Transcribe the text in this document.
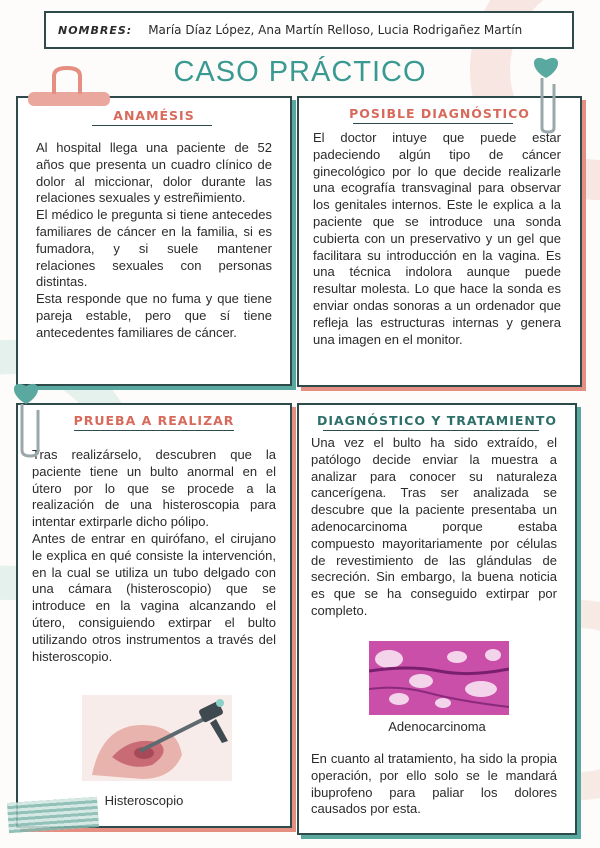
NOMBRES: María Díaz López, Ana Martín Relloso, Lucia Rodrigañez Martín
CASO PRÁCTICO
ANAMÉSIS

Al hospital llega una paciente de 52 años que presenta un cuadro clínico de dolor al miccionar, dolor durante las relaciones sexuales y estreñimiento.

El médico le pregunta si tiene antecedes familiares de cáncer en la familia, si es fumadora, y si suele mantener relaciones sexuales con personas distintas.

Esta responde que no fuma y que tiene pareja estable, pero que sí tiene antecedentes familiares de cáncer.

POSIBLE DIAGNÓSTICO
El doctor intuye que puede estar padeciendo algún tipo de cáncer ginecológico por lo que decide realizarle una ecografía transvaginal para observar los genitales internos. Este le explica a la paciente que se introduce una sonda cubierta con un preservativo y un gel que facilitara su introducción en la vagina. Es una técnica indolora aunque puede resultar molesta. Lo que hace la sonda es enviar ondas sonoras a un ordenador que refleja las estructuras internas y genera una imagen en el monitor.
PRUEBA A REALIZAR

Tras realizárselo, descubren que la paciente tiene un bulto anormal en el útero por lo que se procede a la realización de una histeroscopia para intentar extirparle dicho pólipo.

Antes de entrar en quirófano, el cirujano le explica en qué consiste la intervención, en la cual se utiliza un tubo delgado con una cámara (histeroscopio) que se introduce en la vagina alcanzando el útero, consiguiendo extirpar el bulto utilizando otros instrumentos a través del histeroscopio.

Histeroscopio
DIAGNÓSTICO Y TRATAMIENTO
Una vez el bulto ha sido extraído, el patólogo decide enviar la muestra a analizar para conocer su naturaleza cancerígena. Tras ser analizada se descubre que la paciente presentaba un adenocarcinoma porque estaba compuesto mayoritariamente por células de revestimiento de las glándulas de secreción. Sin embargo, la buena noticia es que se ha conseguido extirpar por completo.
Adenocarcinoma
En cuanto al tratamiento, ha sido la propia operación, por ello solo se le mandará ibuprofeno para paliar los dolores causados por esta.
